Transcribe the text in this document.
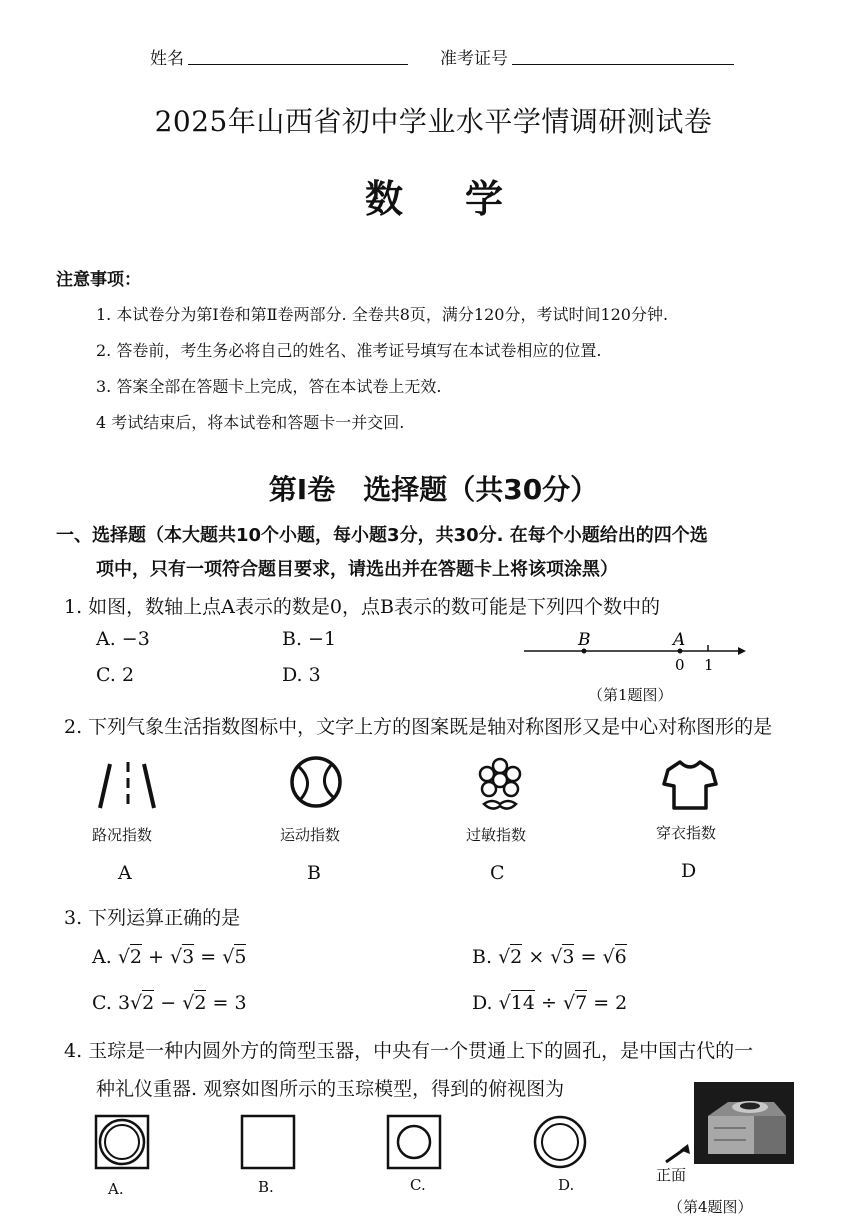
姓名	准考证号
2025年山西省初中学业水平学情调研测试卷
数学
注意事项：
1. 本试卷分为第Ⅰ卷和第Ⅱ卷两部分. 全卷共8页，满分120分，考试时间120分钟.
2. 答卷前，考生务必将自己的姓名、准考证号填写在本试卷相应的位置.
3. 答案全部在答题卡上完成，答在本试卷上无效.
4 考试结束后，将本试卷和答题卡一并交回.
第Ⅰ卷　选择题（共30分）
一、选择题（本大题共10个小题，每小题3分，共30分. 在每个小题给出的四个选
项中，只有一项符合题目要求，请选出并在答题卡上将该项涂黑）
1. 如图，数轴上点A表示的数是0，点B表示的数可能是下列四个数中的
A. −3	B. −1
C. 2	D. 3
B	A
0 1
（第1题图）
2. 下列气象生活指数图标中，文字上方的图案既是轴对称图形又是中心对称图形的是
路况指数	运动指数	过敏指数	穿衣指数
A	B	C	D
3. 下列运算正确的是
A. √2 + √3 = √5	B. √2 × √3 = √6
C. 3√2 − √2 = 3	D. √14 ÷ √7 = 2
4. 玉琮是一种内圆外方的筒型玉器，中央有一个贯通上下的圆孔，是中国古代的一
种礼仪重器. 观察如图所示的玉琮模型，得到的俯视图为
A.	B.	C.	D.
正面
（第4题图）
